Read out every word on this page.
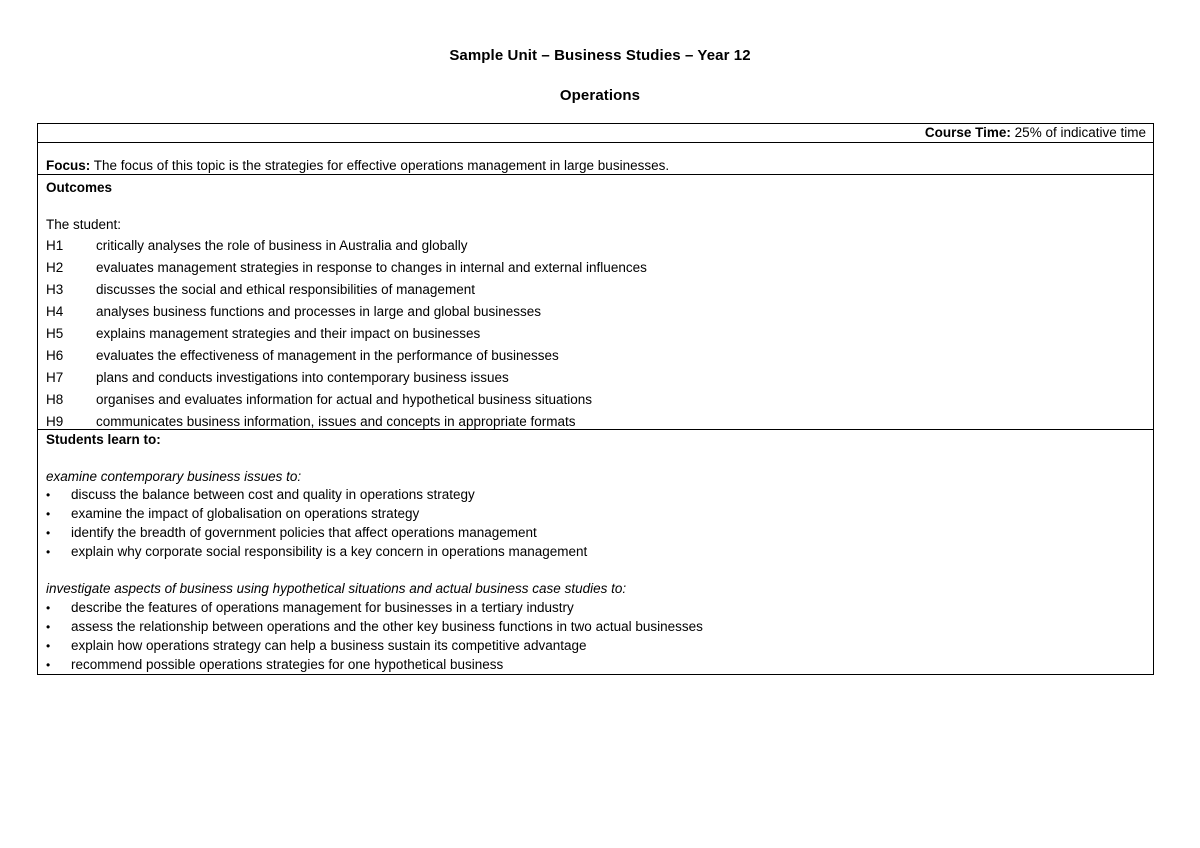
Sample Unit – Business Studies – Year 12
Operations
Course Time: 25% of indicative time
Focus: The focus of this topic is the strategies for effective operations management in large businesses.
Outcomes
The student:
H1 critically analyses the role of business in Australia and globally
H2 evaluates management strategies in response to changes in internal and external influences
H3 discusses the social and ethical responsibilities of management
H4 analyses business functions and processes in large and global businesses
H5 explains management strategies and their impact on businesses
H6 evaluates the effectiveness of management in the performance of businesses
H7 plans and conducts investigations into contemporary business issues
H8 organises and evaluates information for actual and hypothetical business situations
H9 communicates business information, issues and concepts in appropriate formats
Students learn to:
examine contemporary business issues to:
• discuss the balance between cost and quality in operations strategy
• examine the impact of globalisation on operations strategy
• identify the breadth of government policies that affect operations management
• explain why corporate social responsibility is a key concern in operations management
investigate aspects of business using hypothetical situations and actual business case studies to:
• describe the features of operations management for businesses in a tertiary industry
• assess the relationship between operations and the other key business functions in two actual businesses
• explain how operations strategy can help a business sustain its competitive advantage
• recommend possible operations strategies for one hypothetical business
